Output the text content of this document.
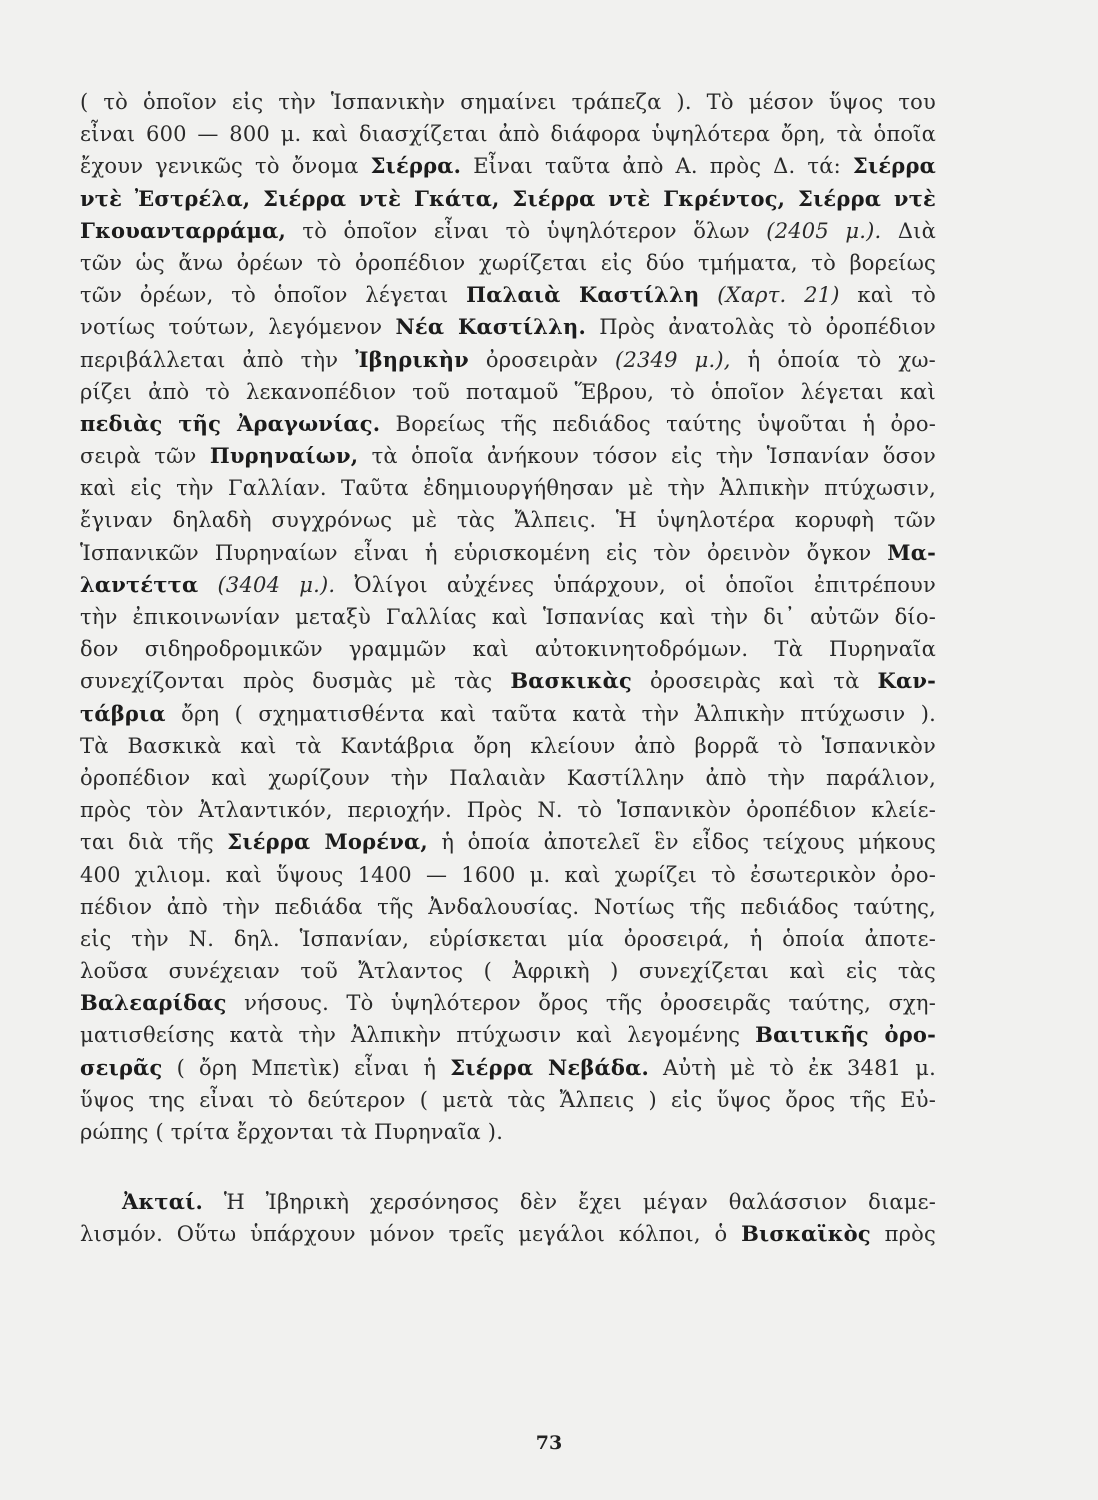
( τὸ ὁποῖον εἰς τὴν Ἱσπανικὴν σημαίνει τράπεζα ). Τὸ μέσον ὕψος του
εἶναι 600 — 800 μ. καὶ διασχίζεται ἀπὸ διάφορα ὑψηλότερα ὄρη, τὰ ὁποῖα
ἔχουν γενικῶς τὸ ὄνομα Σιέρρα. Εἶναι ταῦτα ἀπὸ Α. πρὸς Δ. τά: Σιέρρα
ντὲ Ἐστρέλα, Σιέρρα ντὲ Γκάτα, Σιέρρα ντὲ Γκρέντος, Σιέρρα ντὲ
Γκουανταρράμα, τὸ ὁποῖον εἶναι τὸ ὑψηλότερον ὅλων (2405 μ.). Διὰ
τῶν ὡς ἄνω ὀρέων τὸ ὀροπέδιον χωρίζεται εἰς δύο τμήματα, τὸ βορείως
τῶν ὀρέων, τὸ ὁποῖον λέγεται Παλαιὰ Καστίλλη (Χαρτ. 21) καὶ τὸ
νοτίως τούτων, λεγόμενον Νέα Καστίλλη. Πρὸς ἀνατολὰς τὸ ὀροπέδιον
περιβάλλεται ἀπὸ τὴν Ἰβηρικὴν ὀροσειρὰν (2349 μ.), ἡ ὁποία τὸ χω-
ρίζει ἀπὸ τὸ λεκανοπέδιον τοῦ ποταμοῦ Ἕβρου, τὸ ὁποῖον λέγεται καὶ
πεδιὰς τῆς Ἀραγωνίας. Βορείως τῆς πεδιάδος ταύτης ὑψοῦται ἡ ὀρο-
σειρὰ τῶν Πυρηναίων, τὰ ὁποῖα ἀνήκουν τόσον εἰς τὴν Ἱσπανίαν ὅσον
καὶ εἰς τὴν Γαλλίαν. Ταῦτα ἐδημιουργήθησαν μὲ τὴν Ἀλπικὴν πτύχωσιν,
ἔγιναν δηλαδὴ συγχρόνως μὲ τὰς Ἄλπεις. Ἡ ὑψηλοτέρα κορυφὴ τῶν
Ἱσπανικῶν Πυρηναίων εἶναι ἡ εὑρισκομένη εἰς τὸν ὀρεινὸν ὄγκον Μα-
λαντέττα (3404 μ.). Ὀλίγοι αὐχένες ὑπάρχουν, οἱ ὁποῖοι ἐπιτρέπουν
τὴν ἐπικοινωνίαν μεταξὺ Γαλλίας καὶ Ἱσπανίας καὶ τὴν δι᾽ αὐτῶν δίο-
δον σιδηροδρομικῶν γραμμῶν καὶ αὐτοκινητοδρόμων. Τὰ Πυρηναῖα
συνεχίζονται πρὸς δυσμὰς μὲ τὰς Βασκικὰς ὀροσειρὰς καὶ τὰ Καν-
τάβρια ὄρη ( σχηματισθέντα καὶ ταῦτα κατὰ τὴν Ἀλπικὴν πτύχωσιν ).
Τὰ Βασκικὰ καὶ τὰ Κανtάβρια ὄρη κλείουν ἀπὸ βορρᾶ τὸ Ἱσπανικὸν
ὀροπέδιον καὶ χωρίζουν τὴν Παλαιὰν Καστίλλην ἀπὸ τὴν παράλιον,
πρὸς τὸν Ἀτλαντικόν, περιοχήν. Πρὸς Ν. τὸ Ἱσπανικὸν ὀροπέδιον κλείε-
ται διὰ τῆς Σιέρρα Μορένα, ἡ ὁποία ἀποτελεῖ ἓν εἶδος τείχους μήκους
400 χιλιομ. καὶ ὕψους 1400 — 1600 μ. καὶ χωρίζει τὸ ἐσωτερικὸν ὀρο-
πέδιον ἀπὸ τὴν πεδιάδα τῆς Ἀνδαλουσίας. Νοτίως τῆς πεδιάδος ταύτης,
εἰς τὴν Ν. δηλ. Ἱσπανίαν, εὑρίσκεται μία ὀροσειρά, ἡ ὁποία ἀποτε-
λοῦσα συνέχειαν τοῦ Ἄτλαντος ( Ἀφρικὴ ) συνεχίζεται καὶ εἰς τὰς
Βαλεαρίδας νήσους. Τὸ ὑψηλότερον ὄρος τῆς ὀροσειρᾶς ταύτης, σχη-
ματισθείσης κατὰ τὴν Ἀλπικὴν πτύχωσιν καὶ λεγομένης Βαιτικῆς ὀρο-
σειρᾶς ( ὄρη Μπετὶκ) εἶναι ἡ Σιέρρα Νεβάδα. Αὐτὴ μὲ τὸ ἐκ 3481 μ.
ὕψος της εἶναι τὸ δεύτερον ( μετὰ τὰς Ἄλπεις ) εἰς ὕψος ὄρος τῆς Εὐ-
ρώπης ( τρίτα ἔρχονται τὰ Πυρηναῖα ).
Ἀκταί. Ἡ Ἰβηρικὴ χερσόνησος δὲν ἔχει μέγαν θαλάσσιον διαμε-
λισμόν. Οὕτω ὑπάρχουν μόνον τρεῖς μεγάλοι κόλποι, ὁ Βισκαϊκὸς πρὸς
73
